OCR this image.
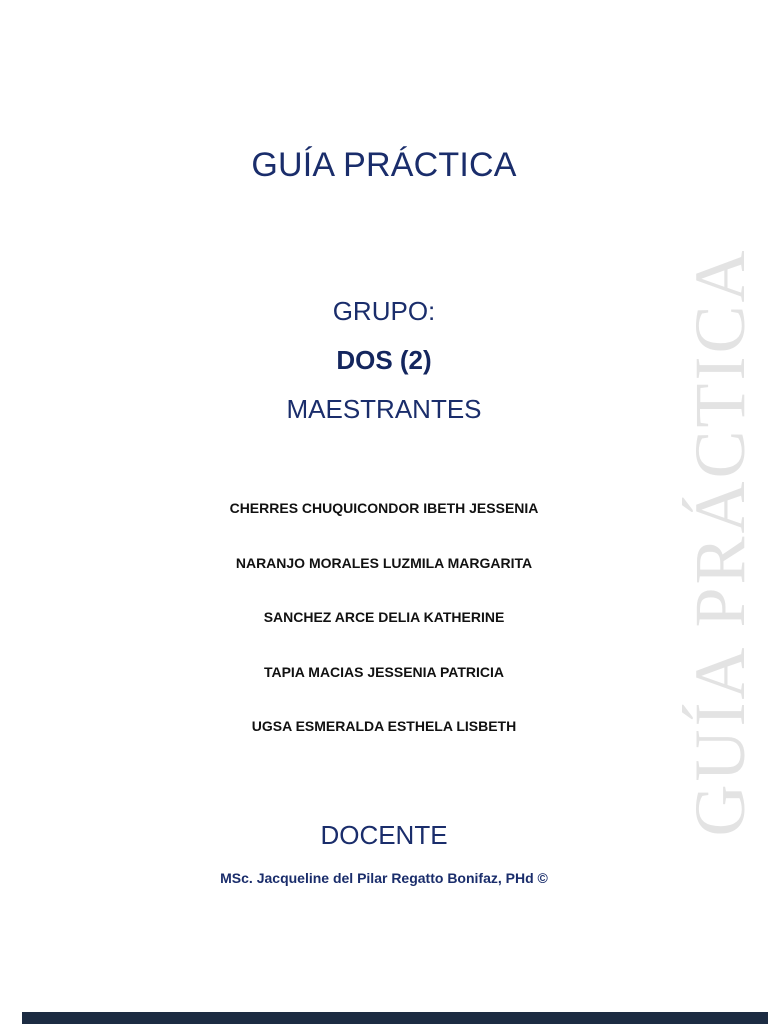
GUÍA PRÁCTICA
GUÍA PRÁCTICA
GRUPO:
DOS (2)
MAESTRANTES
CHERRES CHUQUICONDOR IBETH JESSENIA
NARANJO MORALES LUZMILA MARGARITA
SANCHEZ ARCE DELIA KATHERINE
TAPIA MACIAS JESSENIA PATRICIA
UGSA ESMERALDA ESTHELA LISBETH
DOCENTE
MSc. Jacqueline del Pilar Regatto Bonifaz, PHd ©
